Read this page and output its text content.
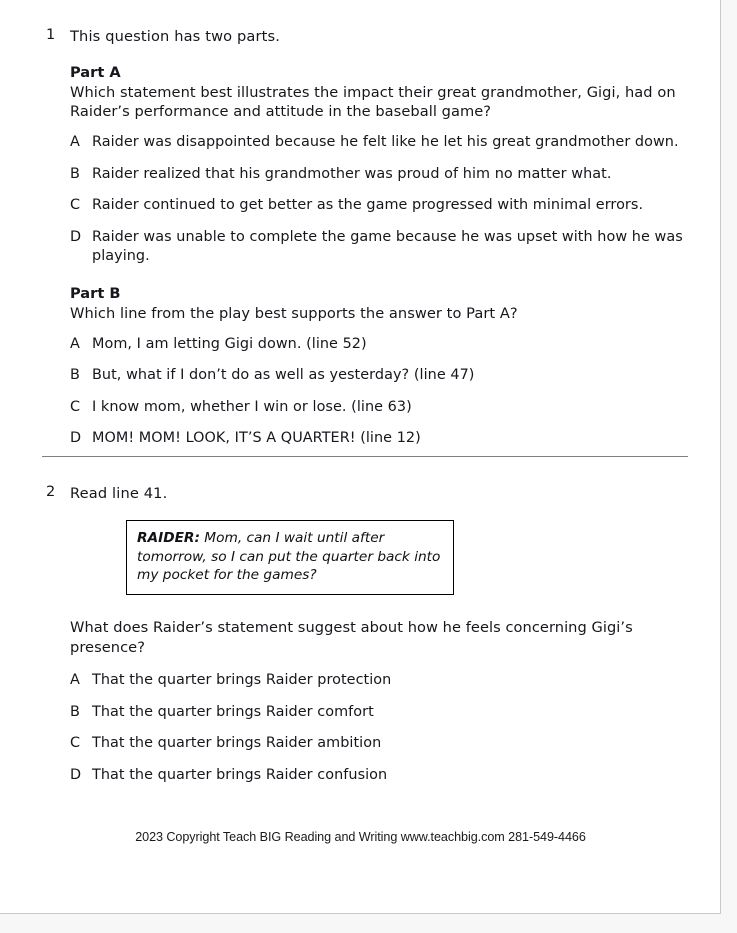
1	This question has two parts.
Part A
Which statement best illustrates the impact their great grandmother, Gigi, had on Raider’s performance and attitude in the baseball game?
A Raider was disappointed because he felt like he let his great grandmother down.
B Raider realized that his grandmother was proud of him no matter what.
C Raider continued to get better as the game progressed with minimal errors.
D Raider was unable to complete the game because he was upset with how he was playing.
Part B
Which line from the play best supports the answer to Part A?
A Mom, I am letting Gigi down. (line 52)
B But, what if I don’t do as well as yesterday? (line 47)
C I know mom, whether I win or lose. (line 63)
D MOM! MOM! LOOK, IT’S A QUARTER! (line 12)
2	Read line 41.
RAIDER: Mom, can I wait until after tomorrow, so I can put the quarter back into my pocket for the games?
What does Raider’s statement suggest about how he feels concerning Gigi’s presence?
A That the quarter brings Raider protection
B That the quarter brings Raider comfort
C That the quarter brings Raider ambition
D That the quarter brings Raider confusion
2023 Copyright Teach BIG Reading and Writing www.teachbig.com 281-549-4466
